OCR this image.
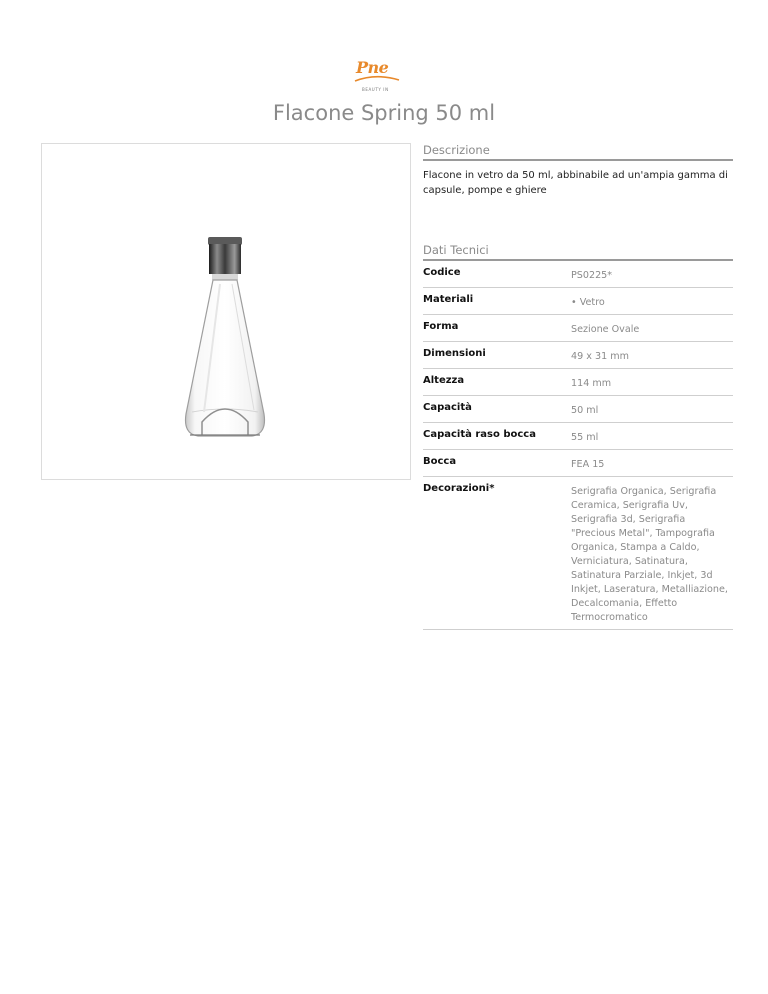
Pne
BEAUTY IN
Flacone Spring 50 ml
Descrizione
Flacone in vetro da 50 ml, abbinabile ad un'ampia gamma di capsule, pompe e ghiere
Dati Tecnici
Codice	PS0225*
Materiali	• Vetro
Forma	Sezione Ovale
Dimensioni	49 x 31 mm
Altezza	114 mm
Capacità	50 ml
Capacità raso bocca	55 ml
Bocca	FEA 15
Decorazioni*	Serigrafia Organica, Serigrafia Ceramica, Serigrafia Uv, Serigrafia 3d, Serigrafia "Precious Metal", Tampografia Organica, Stampa a Caldo, Verniciatura, Satinatura, Satinatura Parziale, Inkjet, 3d Inkjet, Laseratura, Metalliazione, Decalcomania, Effetto Termocromatico
